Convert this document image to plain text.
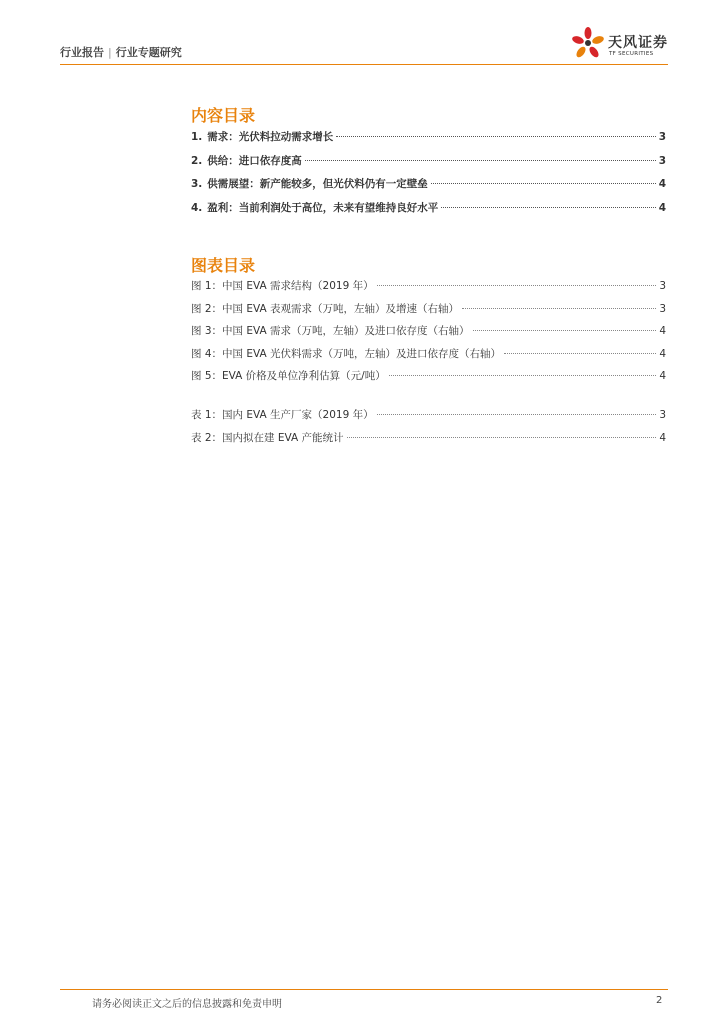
行业报告 | 行业专题研究
天风证券
TF SECURITIES
内容目录
1. 需求：光伏料拉动需求增长	3
2. 供给：进口依存度高	3
3. 供需展望：新产能较多，但光伏料仍有一定壁垒	4
4. 盈利：当前利润处于高位，未来有望维持良好水平	4
图表目录
图 1：中国 EVA 需求结构（2019 年）	3
图 2：中国 EVA 表观需求（万吨，左轴）及增速（右轴）	3
图 3：中国 EVA 需求（万吨，左轴）及进口依存度（右轴）	4
图 4：中国 EVA 光伏料需求（万吨，左轴）及进口依存度（右轴）	4
图 5：EVA 价格及单位净利估算（元/吨）	4
表 1：国内 EVA 生产厂家（2019 年）	3
表 2：国内拟在建 EVA 产能统计	4
请务必阅读正文之后的信息披露和免责申明	2
